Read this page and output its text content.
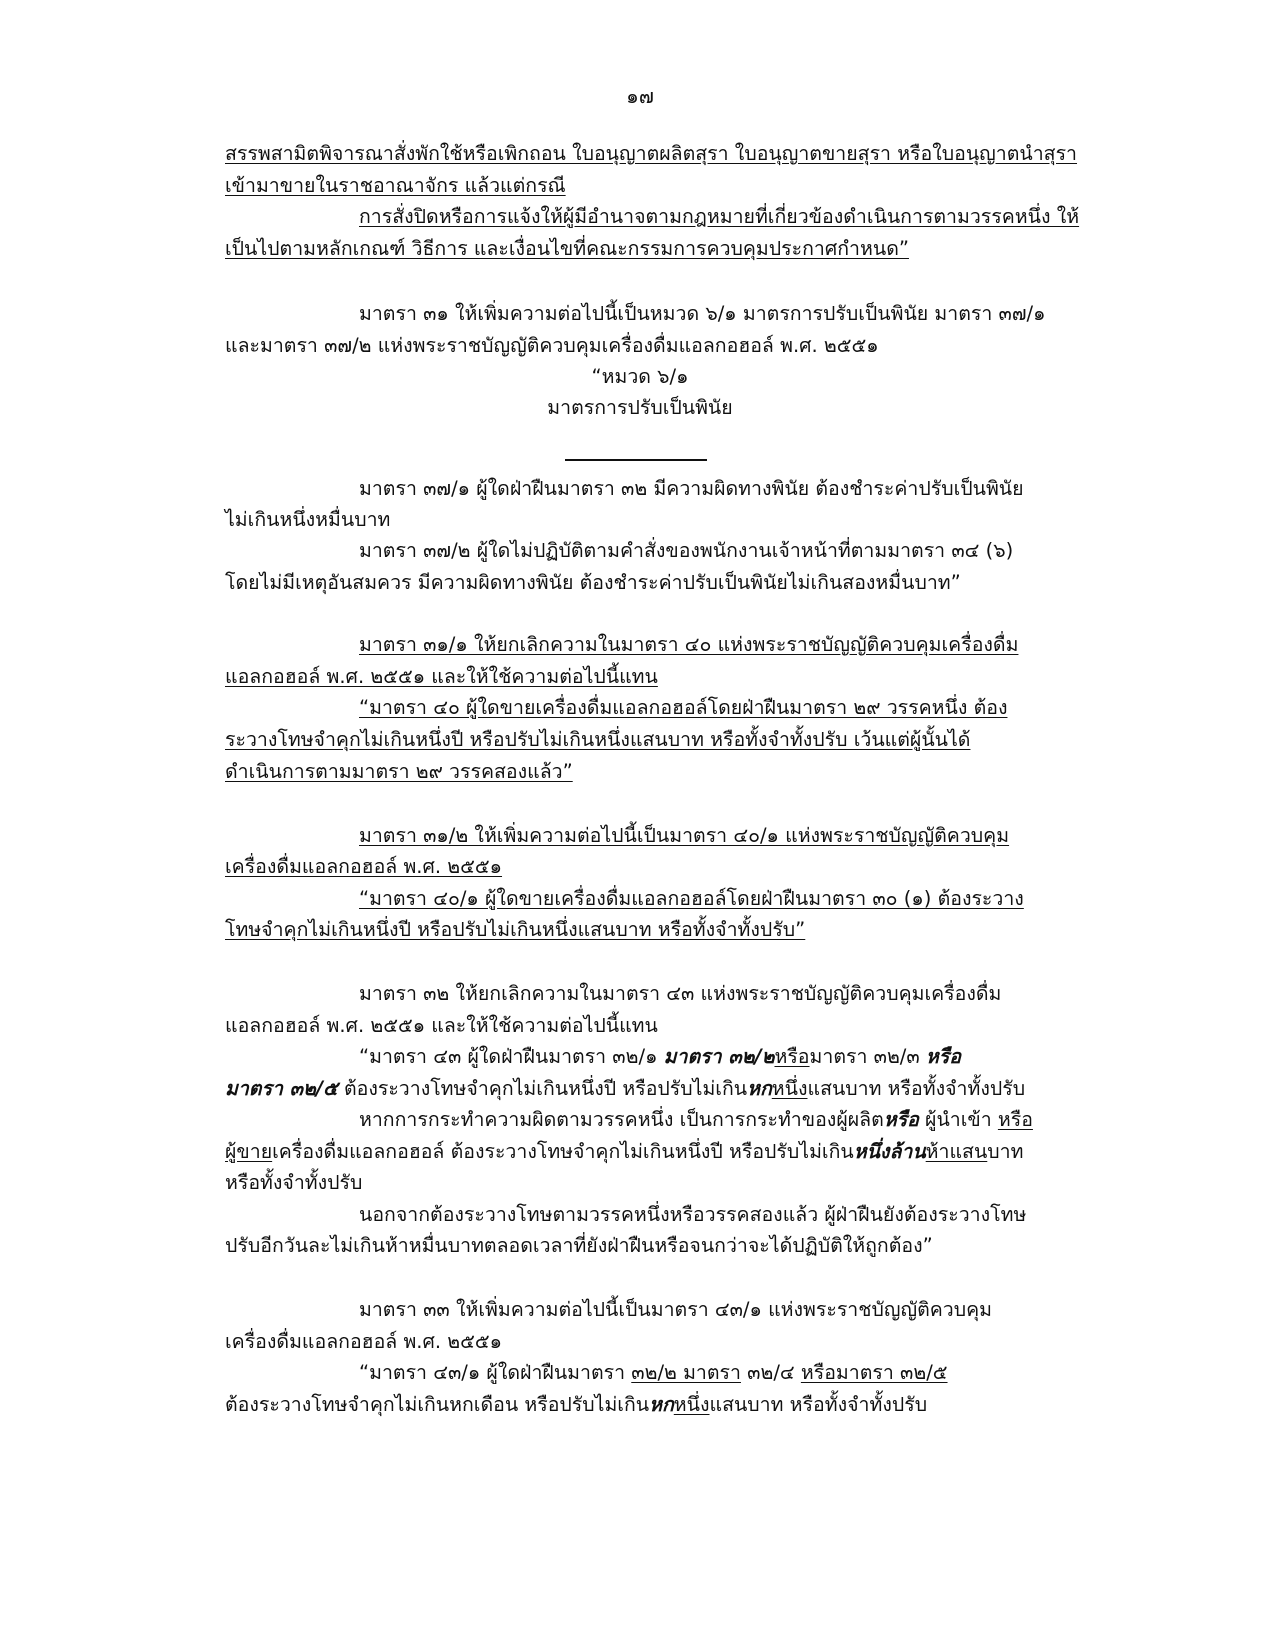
๑๗
สรรพสามิตพิจารณาสั่งพักใช้หรือเพิกถอน ใบอนุญาตผลิตสุรา ใบอนุญาตขายสุรา หรือใบอนุญาตนำสุรา
เข้ามาขายในราชอาณาจักร แล้วแต่กรณี
การสั่งปิดหรือการแจ้งให้ผู้มีอำนาจตามกฎหมายที่เกี่ยวข้องดำเนินการตามวรรคหนึ่ง ให้
เป็นไปตามหลักเกณฑ์ วิธีการ และเงื่อนไขที่คณะกรรมการควบคุมประกาศกำหนด”
มาตรา ๓๑ ให้เพิ่มความต่อไปนี้เป็นหมวด ๖/๑ มาตรการปรับเป็นพินัย มาตรา ๓๗/๑
และมาตรา ๓๗/๒ แห่งพระราชบัญญัติควบคุมเครื่องดื่มแอลกอฮอล์ พ.ศ. ๒๕๕๑
“หมวด ๖/๑
มาตรการปรับเป็นพินัย
มาตรา ๓๗/๑ ผู้ใดฝ่าฝืนมาตรา ๓๒ มีความผิดทางพินัย ต้องชำระค่าปรับเป็นพินัย
ไม่เกินหนึ่งหมื่นบาท
มาตรา ๓๗/๒ ผู้ใดไม่ปฏิบัติตามคำสั่งของพนักงานเจ้าหน้าที่ตามมาตรา ๓๔ (๖)
โดยไม่มีเหตุอันสมควร มีความผิดทางพินัย ต้องชำระค่าปรับเป็นพินัยไม่เกินสองหมื่นบาท”
มาตรา ๓๑/๑ ให้ยกเลิกความในมาตรา ๔๐ แห่งพระราชบัญญัติควบคุมเครื่องดื่ม
แอลกอฮอล์ พ.ศ. ๒๕๕๑ และให้ใช้ความต่อไปนี้แทน
“มาตรา ๔๐ ผู้ใดขายเครื่องดื่มแอลกอฮอล์โดยฝ่าฝืนมาตรา ๒๙ วรรคหนึ่ง ต้อง
ระวางโทษจำคุกไม่เกินหนึ่งปี หรือปรับไม่เกินหนึ่งแสนบาท หรือทั้งจำทั้งปรับ เว้นแต่ผู้นั้นได้
ดำเนินการตามมาตรา ๒๙ วรรคสองแล้ว”
มาตรา ๓๑/๒ ให้เพิ่มความต่อไปนี้เป็นมาตรา ๔๐/๑ แห่งพระราชบัญญัติควบคุม
เครื่องดื่มแอลกอฮอล์ พ.ศ. ๒๕๕๑
“มาตรา ๔๐/๑ ผู้ใดขายเครื่องดื่มแอลกอฮอล์โดยฝ่าฝืนมาตรา ๓๐ (๑) ต้องระวาง
โทษจำคุกไม่เกินหนึ่งปี หรือปรับไม่เกินหนึ่งแสนบาท หรือทั้งจำทั้งปรับ”
มาตรา ๓๒ ให้ยกเลิกความในมาตรา ๔๓ แห่งพระราชบัญญัติควบคุมเครื่องดื่ม
แอลกอฮอล์ พ.ศ. ๒๕๕๑ และให้ใช้ความต่อไปนี้แทน
“มาตรา ๔๓ ผู้ใดฝ่าฝืนมาตรา ๓๒/๑ มาตรา ๓๒/๒หรือมาตรา ๓๒/๓ หรือ
มาตรา ๓๒/๕ ต้องระวางโทษจำคุกไม่เกินหนึ่งปี หรือปรับไม่เกินหกหนึ่งแสนบาท หรือทั้งจำทั้งปรับ
หากการกระทำความผิดตามวรรคหนึ่ง เป็นการกระทำของผู้ผลิตหรือ ผู้นำเข้า หรือ
ผู้ขายเครื่องดื่มแอลกอฮอล์ ต้องระวางโทษจำคุกไม่เกินหนึ่งปี หรือปรับไม่เกินหนึ่งล้านห้าแสนบาท
หรือทั้งจำทั้งปรับ
นอกจากต้องระวางโทษตามวรรคหนึ่งหรือวรรคสองแล้ว ผู้ฝ่าฝืนยังต้องระวางโทษ
ปรับอีกวันละไม่เกินห้าหมื่นบาทตลอดเวลาที่ยังฝ่าฝืนหรือจนกว่าจะได้ปฏิบัติให้ถูกต้อง”
มาตรา ๓๓ ให้เพิ่มความต่อไปนี้เป็นมาตรา ๔๓/๑ แห่งพระราชบัญญัติควบคุม
เครื่องดื่มแอลกอฮอล์ พ.ศ. ๒๕๕๑
“มาตรา ๔๓/๑ ผู้ใดฝ่าฝืนมาตรา ๓๒/๒ มาตรา ๓๒/๔ หรือมาตรา ๓๒/๕
ต้องระวางโทษจำคุกไม่เกินหกเดือน หรือปรับไม่เกินหกหนึ่งแสนบาท หรือทั้งจำทั้งปรับ
